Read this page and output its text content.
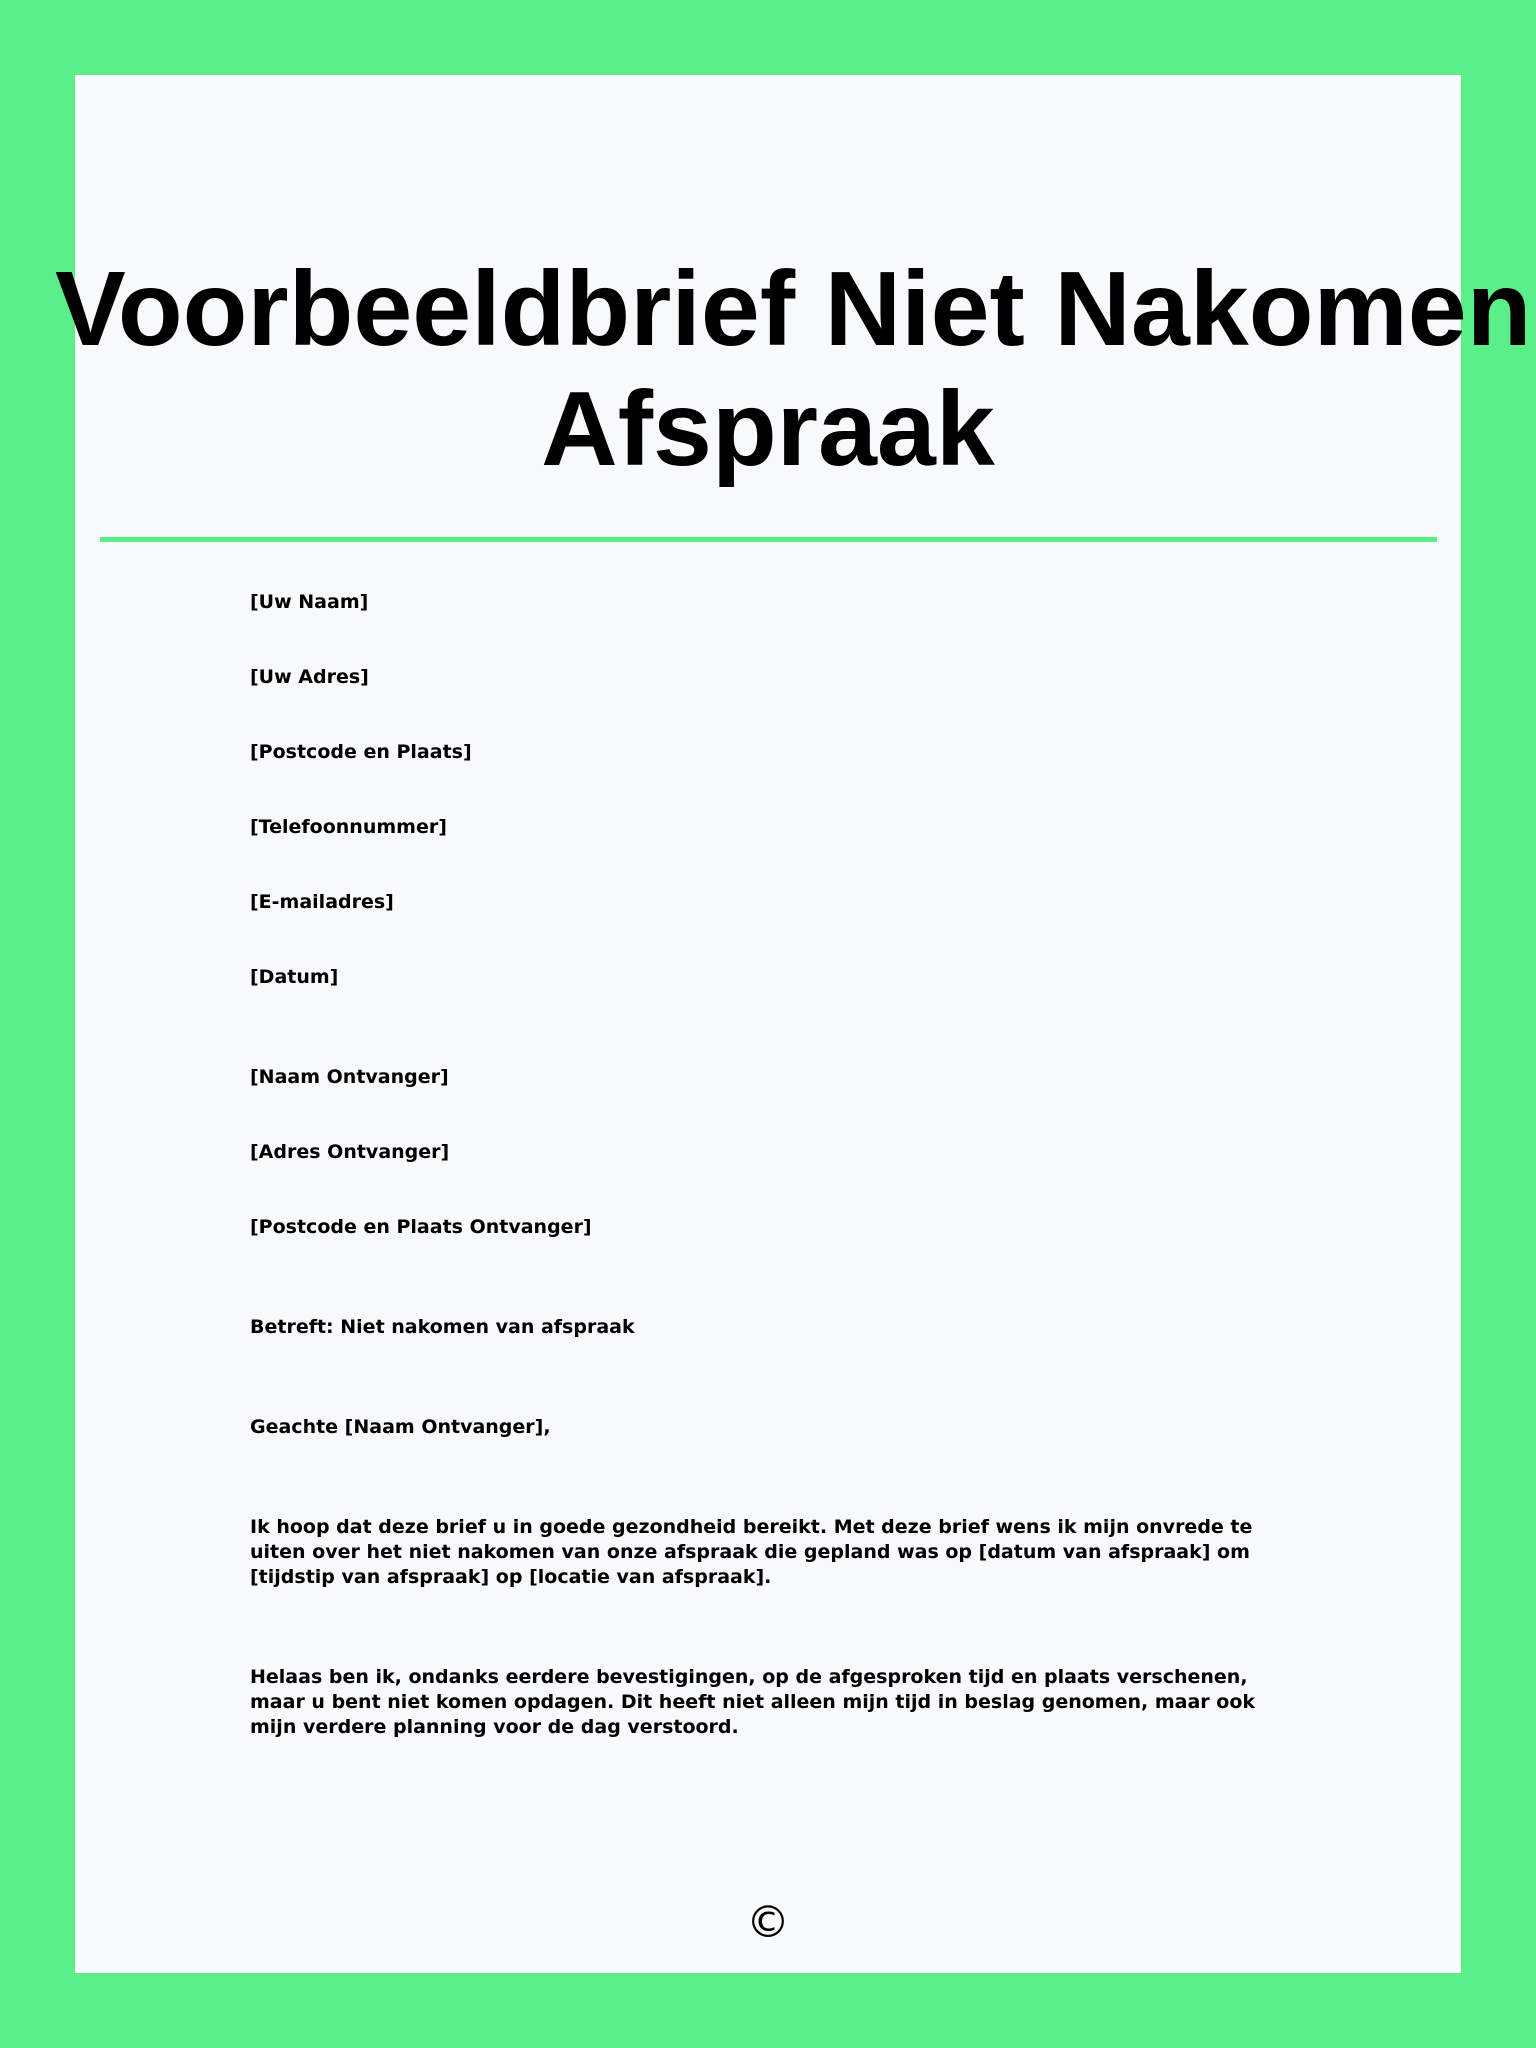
Voorbeeldbrief Niet Nakomen
Afspraak

[Uw Naam]

[Uw Adres]

[Postcode en Plaats]

[Telefoonnummer]

[E-mailadres]

[Datum]

[Naam Ontvanger]

[Adres Ontvanger]

[Postcode en Plaats Ontvanger]

Betreft: Niet nakomen van afspraak

Geachte [Naam Ontvanger],

Ik hoop dat deze brief u in goede gezondheid bereikt. Met deze brief wens ik mijn onvrede te uiten over het niet nakomen van onze afspraak die gepland was op [datum van afspraak] om [tijdstip van afspraak] op [locatie van afspraak].

Helaas ben ik, ondanks eerdere bevestigingen, op de afgesproken tijd en plaats verschenen, maar u bent niet komen opdagen. Dit heeft niet alleen mijn tijd in beslag genomen, maar ook mijn verdere planning voor de dag verstoord.

©
